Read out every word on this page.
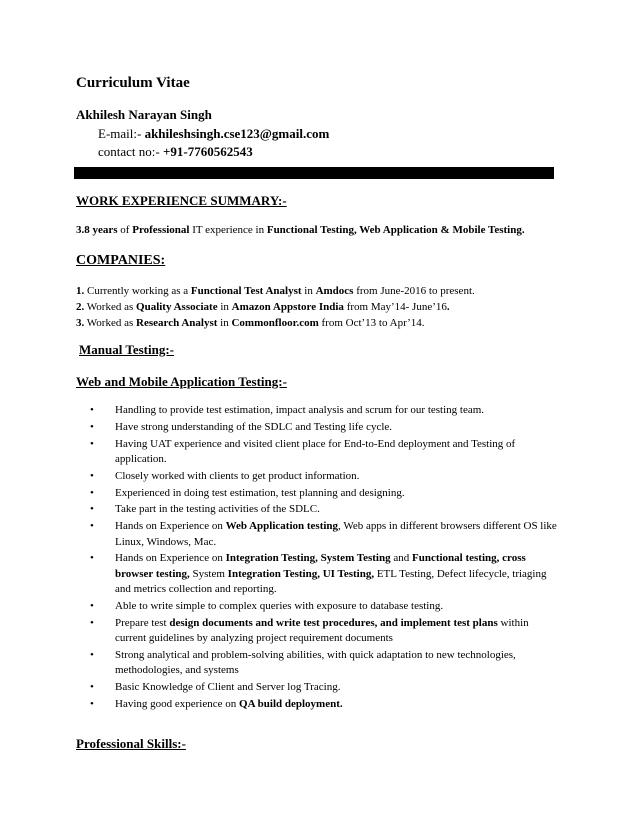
Curriculum Vitae
Akhilesh Narayan Singh
E-mail:- akhileshsingh.cse123@gmail.com
contact no:- +91-7760562543
WORK EXPERIENCE SUMMARY:-
3.8 years of Professional IT experience in Functional Testing, Web Application & Mobile Testing.
COMPANIES:
1. Currently working as a Functional Test Analyst in Amdocs from June-2016 to present.
2. Worked as Quality Associate in Amazon Appstore India from May’14- June’16.
3. Worked as Research Analyst in Commonfloor.com from Oct’13 to Apr’14.
Manual Testing:-
Web and Mobile Application Testing:-
• Handling to provide test estimation, impact analysis and scrum for our testing team.
• Have strong understanding of the SDLC and Testing life cycle.
• Having UAT experience and visited client place for End-to-End deployment and Testing of application.
• Closely worked with clients to get product information.
• Experienced in doing test estimation, test planning and designing.
• Take part in the testing activities of the SDLC.
• Hands on Experience on Web Application testing, Web apps in different browsers different OS like Linux, Windows, Mac.
• Hands on Experience on Integration Testing, System Testing and Functional testing, cross browser testing, System Integration Testing, UI Testing, ETL Testing, Defect lifecycle, triaging and metrics collection and reporting.
• Able to write simple to complex queries with exposure to database testing.
• Prepare test design documents and write test procedures, and implement test plans within current guidelines by analyzing project requirement documents
• Strong analytical and problem-solving abilities, with quick adaptation to new technologies, methodologies, and systems
• Basic Knowledge of Client and Server log Tracing.
• Having good experience on QA build deployment.
Professional Skills:-
